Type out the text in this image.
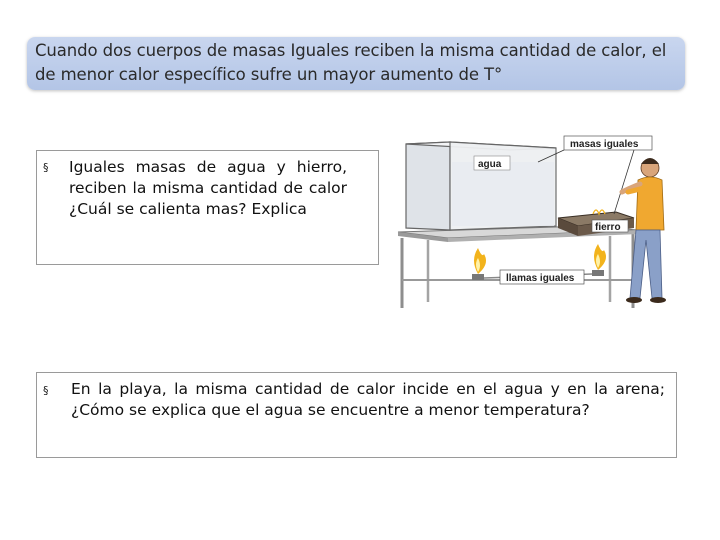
Cuando dos cuerpos de masas Iguales reciben la misma cantidad de calor, el de menor calor específico sufre un mayor aumento de T°
§ Iguales masas de agua y hierro, reciben la misma cantidad de calor ¿Cuál se calienta mas? Explica
masas iguales
agua
fierro
llamas iguales
§ En la playa, la misma cantidad de calor incide en el agua y en la arena; ¿Cómo se explica que el agua se encuentre a menor temperatura?
